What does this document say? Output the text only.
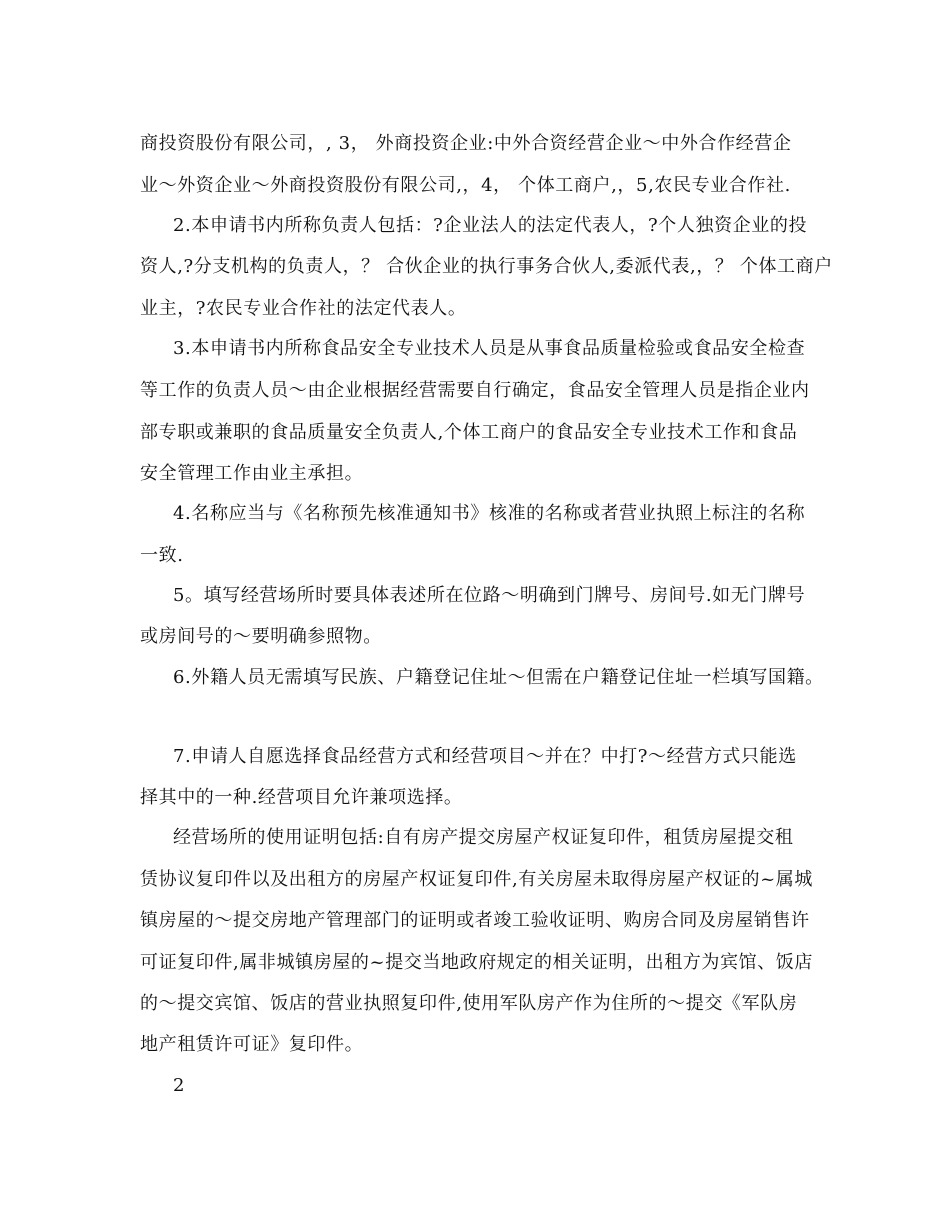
商投资股份有限公司，, 3， 外商投资企业:中外合资经营企业～中外合作经营企
业～外资企业～外商投资股份有限公司,，4， 个体工商户,，5,农民专业合作社.
2.本申请书内所称负责人包括：?企业法人的法定代表人，?个人独资企业的投
资人,?分支机构的负责人，？ 合伙企业的执行事务合伙人,委派代表,，？ 个体工商户
业主，?农民专业合作社的法定代表人。
3.本申请书内所称食品安全专业技术人员是从事食品质量检验或食品安全检查
等工作的负责人员～由企业根据经营需要自行确定，食品安全管理人员是指企业内
部专职或兼职的食品质量安全负责人,个体工商户的食品安全专业技术工作和食品
安全管理工作由业主承担。
4.名称应当与《名称预先核准通知书》核准的名称或者营业执照上标注的名称
一致.
5。填写经营场所时要具体表述所在位路～明确到门牌号、房间号.如无门牌号
或房间号的～要明确参照物。
6.外籍人员无需填写民族、户籍登记住址～但需在户籍登记住址一栏填写国籍。
7.申请人自愿选择食品经营方式和经营项目～并在？中打?～经营方式只能选
择其中的一种.经营项目允许兼项选择。
经营场所的使用证明包括:自有房产提交房屋产权证复印件，租赁房屋提交租
赁协议复印件以及出租方的房屋产权证复印件,有关房屋未取得房屋产权证的~属城
镇房屋的～提交房地产管理部门的证明或者竣工验收证明、购房合同及房屋销售许
可证复印件,属非城镇房屋的~提交当地政府规定的相关证明，出租方为宾馆、饭店
的～提交宾馆、饭店的营业执照复印件,使用军队房产作为住所的～提交《军队房
地产租赁许可证》复印件。
2
